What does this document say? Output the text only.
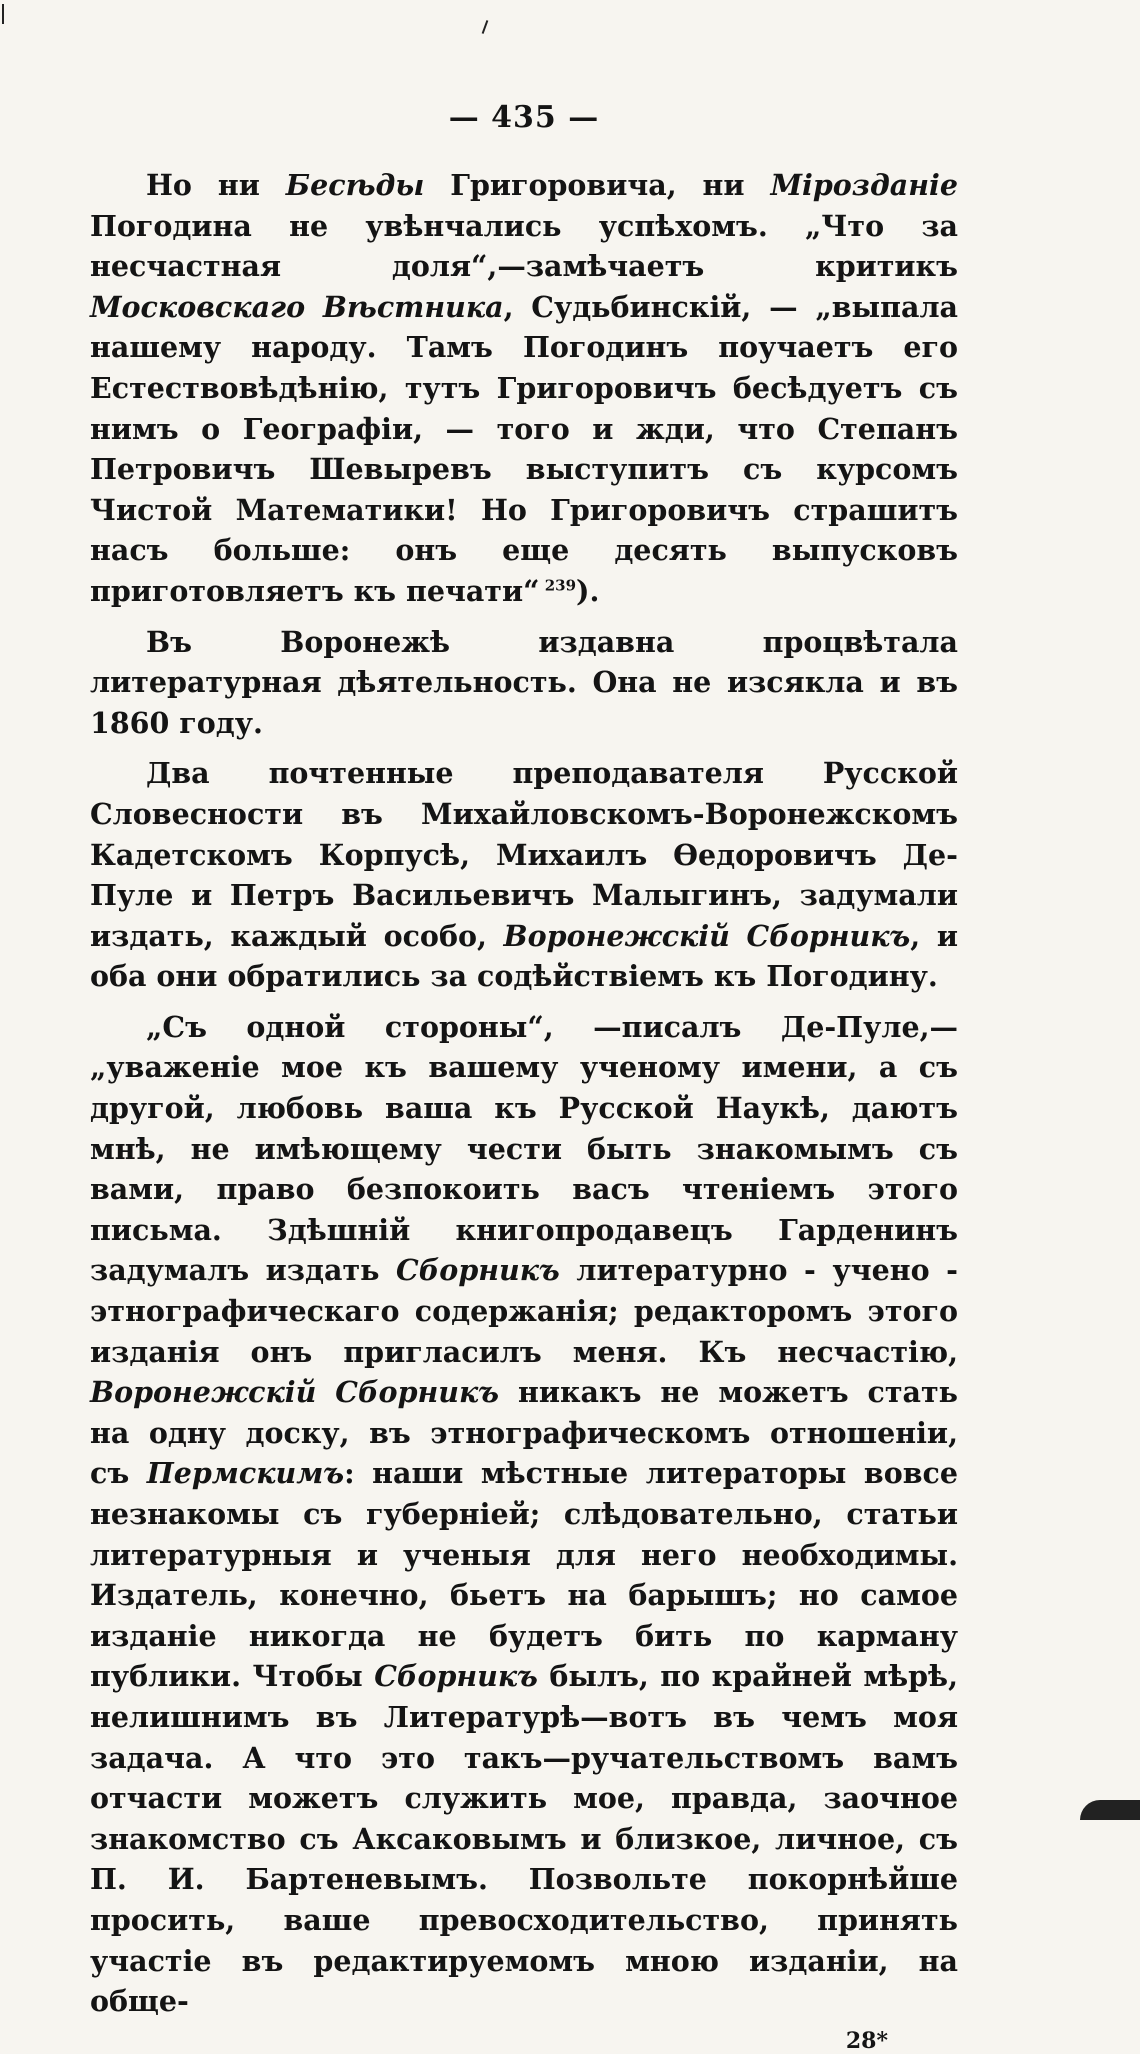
— 435 —

Но ни Бесѣды Григоровича, ни Мірозданіе Погодина не увѣнчались успѣхомъ. „Что за несчастная доля“,—замѣчаетъ критикъ Московскаго Вѣстника, Судьбинскій, — „выпала нашему народу. Тамъ Погодинъ поучаетъ его Естествовѣдѣнію, тутъ Григоровичъ бесѣдуетъ съ нимъ о Географіи, — того и жди, что Степанъ Петровичъ Шевыревъ выступитъ съ курсомъ Чистой Математики! Но Григоровичъ страшитъ насъ больше: онъ еще десять выпусковъ приготовляетъ къ печати“ $^{239}$).

Въ Воронежѣ издавна процвѣтала литературная дѣятельность. Она не изсякла и въ 1860 году.

Два почтенные преподавателя Русской Словесности въ Михайловскомъ-Воронежскомъ Кадетскомъ Корпусѣ, Михаилъ Өедоровичъ Де-Пуле и Петръ Васильевичъ Малыгинъ, задумали издать, каждый особо, Воронежскій Сборникъ, и оба они обратились за содѣйствіемъ къ Погодину.

„Съ одной стороны“, —писалъ Де-Пуле,—„уваженіе мое къ вашему ученому имени, а съ другой, любовь ваша къ Русской Наукѣ, даютъ мнѣ, не имѣющему чести быть знакомымъ съ вами, право безпокоить васъ чтеніемъ этого письма. Здѣшній книгопродавецъ Гарденинъ задумалъ издать Сборникъ литературно - учено - этнографическаго содержанія; редакторомъ этого изданія онъ пригласилъ меня. Къ несчастію, Воронежскій Сборникъ никакъ не можетъ стать на одну доску, въ этнографическомъ отношеніи, съ Пермскимъ: наши мѣстные литераторы вовсе незнакомы съ губерніей; слѣдовательно, статьи литературныя и ученыя для него необходимы. Издатель, конечно, бьетъ на барышъ; но самое изданіе никогда не будетъ бить по карману публики. Чтобы Сборникъ былъ, по крайней мѣрѣ, нелишнимъ въ Литературѣ—вотъ въ чемъ моя задача. А что это такъ—ручательствомъ вамъ отчасти можетъ служить мое, правда, заочное знакомство съ Аксаковымъ и близкое, личное, съ П. И. Бартеневымъ. Позвольте покорнѣйше просить, ваше превосходительство, принять участіе въ редактируемомъ мною изданіи, на обще-

28*
